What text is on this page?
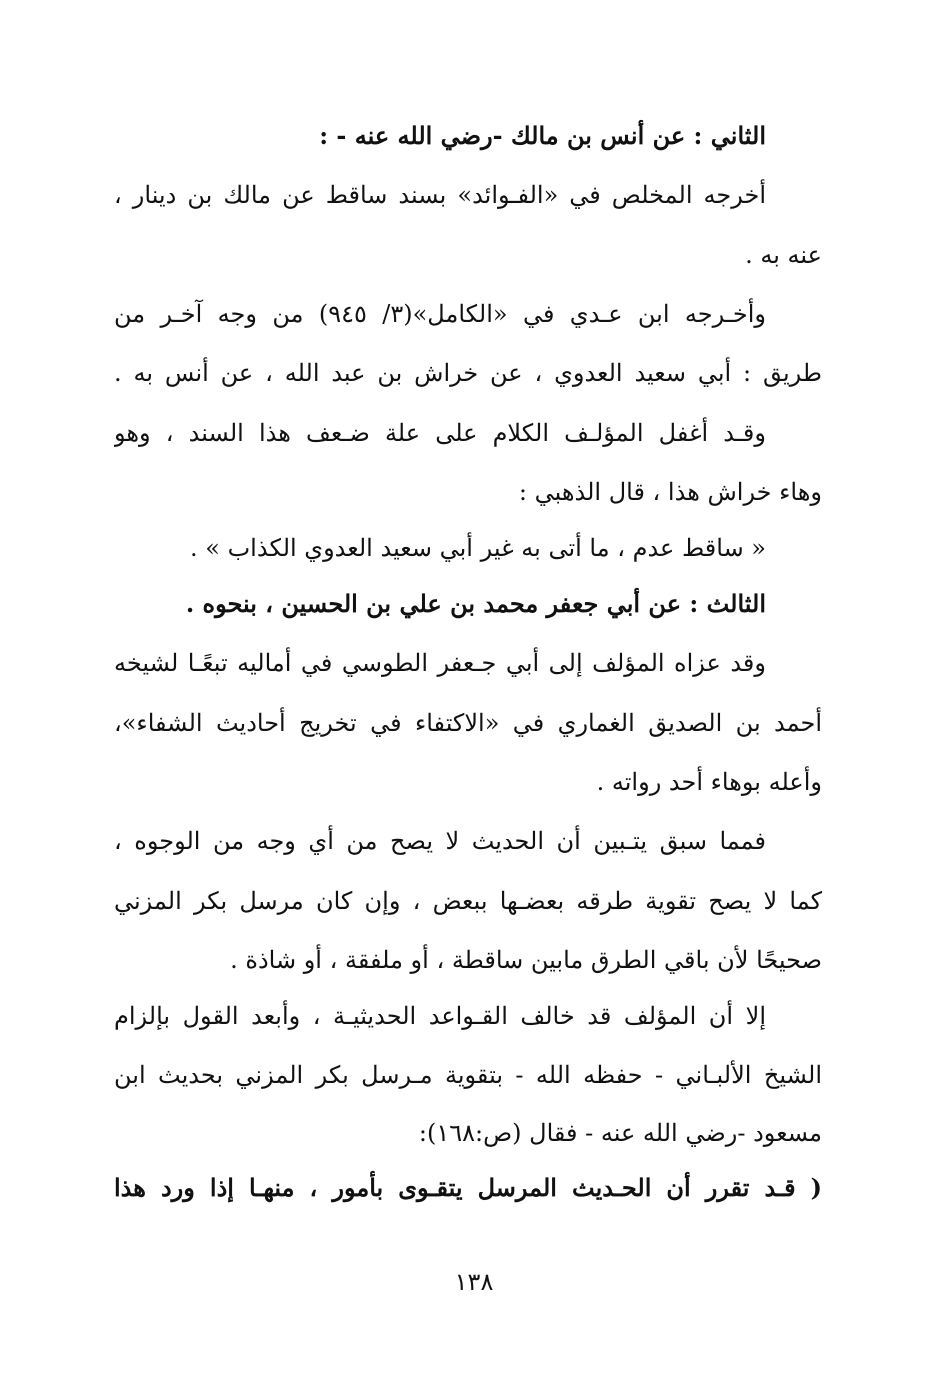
الثاني : عن أنس بن مالك -رضي الله عنه - :
أخرجه المخلص في «الفـوائد» بسند ساقط عن مالك بن دينار ،
عنه به .
وأخـرجه ابن عـدي في «الكامل»(٣/ ٩٤٥) من وجه آخـر من
طريق : أبي سعيد العدوي ، عن خراش بن عبد الله ، عن أنس به .
وقـد أغفل المؤلـف الكلام على علة ضـعف هذا السند ، وهو
وهاء خراش هذا ، قال الذهبي :
« ساقط عدم ، ما أتى به غير أبي سعيد العدوي الكذاب » .
الثالث : عن أبي جعفر محمد بن علي بن الحسين ، بنحوه .
وقد عزاه المؤلف إلى أبي جـعفر الطوسي في أماليه تبعًـا لشيخه
أحمد بن الصديق الغماري في «الاكتفاء في تخريج أحاديث الشفاء»،
وأعله بوهاء أحد رواته .
فمما سبق يتـبين أن الحديث لا يصح من أي وجه من الوجوه ،
كما لا يصح تقوية طرقه بعضـها ببعض ، وإن كان مرسل بكر المزني
صحيحًا لأن باقي الطرق مابين ساقطة ، أو ملفقة ، أو شاذة .
إلا أن المؤلف قد خالف القـواعد الحديثيـة ، وأبعد القول بإلزام
الشيخ الألبـاني - حفظه الله - بتقوية مـرسل بكر المزني بحديث ابن
مسعود -رضي الله عنه - فقال (ص:١٦٨):
( قـد تقرر أن الحـديث المرسل يتقـوى بأمور ، منهـا إذا ورد هذا
١٣٨
